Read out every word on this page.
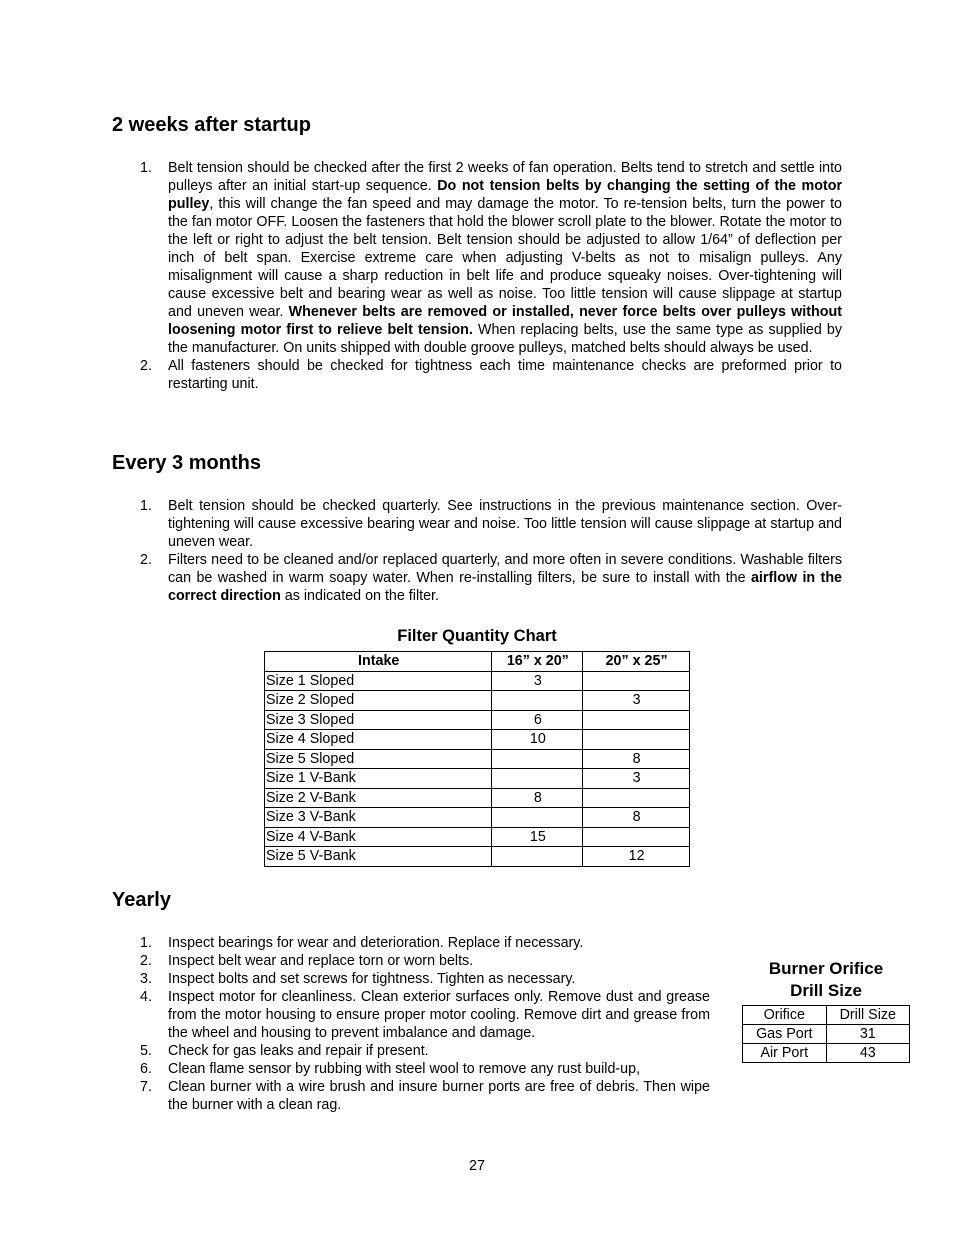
2 weeks after startup
1. Belt tension should be checked after the first 2 weeks of fan operation. Belts tend to stretch and settle into pulleys after an initial start-up sequence. Do not tension belts by changing the setting of the motor pulley, this will change the fan speed and may damage the motor. To re-tension belts, turn the power to the fan motor OFF. Loosen the fasteners that hold the blower scroll plate to the blower. Rotate the motor to the left or right to adjust the belt tension. Belt tension should be adjusted to allow 1/64” of deflection per inch of belt span. Exercise extreme care when adjusting V-belts as not to misalign pulleys. Any misalignment will cause a sharp reduction in belt life and produce squeaky noises. Over-tightening will cause excessive belt and bearing wear as well as noise. Too little tension will cause slippage at startup and uneven wear. Whenever belts are removed or installed, never force belts over pulleys without loosening motor first to relieve belt tension. When replacing belts, use the same type as supplied by the manufacturer. On units shipped with double groove pulleys, matched belts should always be used.
2. All fasteners should be checked for tightness each time maintenance checks are preformed prior to restarting unit.
Every 3 months
1. Belt tension should be checked quarterly. See instructions in the previous maintenance section. Over-tightening will cause excessive bearing wear and noise. Too little tension will cause slippage at startup and uneven wear.
2. Filters need to be cleaned and/or replaced quarterly, and more often in severe conditions. Washable filters can be washed in warm soapy water. When re-installing filters, be sure to install with the airflow in the correct direction as indicated on the filter.
Filter Quantity Chart
Intake	16” x 20”	20” x 25”
Size 1 Sloped	3	
Size 2 Sloped		3
Size 3 Sloped	6	
Size 4 Sloped	10	
Size 5 Sloped		8
Size 1 V-Bank		3
Size 2 V-Bank	8	
Size 3 V-Bank		8
Size 4 V-Bank	15	
Size 5 V-Bank		12
Yearly
1. Inspect bearings for wear and deterioration. Replace if necessary.
2. Inspect belt wear and replace torn or worn belts.
3. Inspect bolts and set screws for tightness. Tighten as necessary.
4. Inspect motor for cleanliness. Clean exterior surfaces only. Remove dust and grease from the motor housing to ensure proper motor cooling. Remove dirt and grease from the wheel and housing to prevent imbalance and damage.
5. Check for gas leaks and repair if present.
6. Clean flame sensor by rubbing with steel wool to remove any rust build-up,
7. Clean burner with a wire brush and insure burner ports are free of debris. Then wipe the burner with a clean rag.
Burner Orifice
Drill Size
Orifice	Drill Size
Gas Port	31
Air Port	43
27
